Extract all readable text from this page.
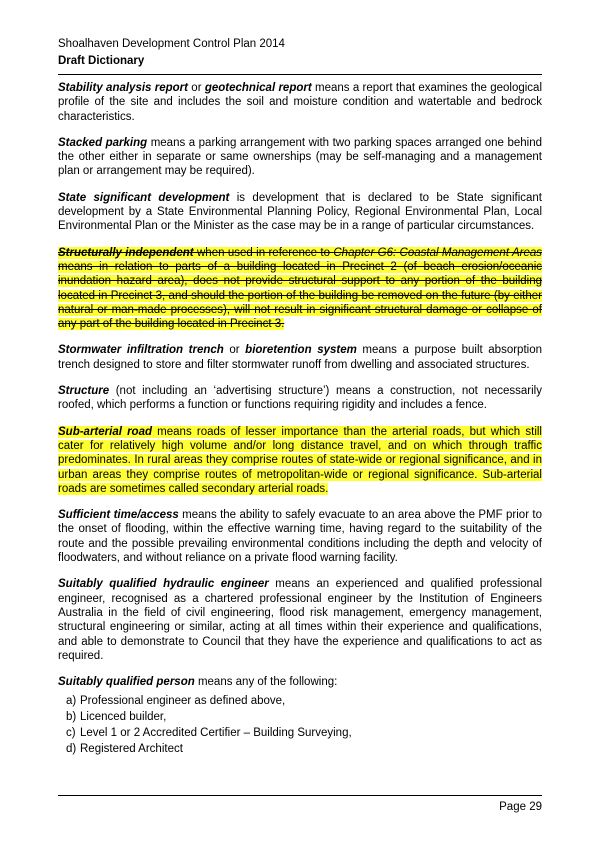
Shoalhaven Development Control Plan 2014
Draft Dictionary

Stability analysis report or geotechnical report means a report that examines the geological profile of the site and includes the soil and moisture condition and watertable and bedrock characteristics.

Stacked parking means a parking arrangement with two parking spaces arranged one behind the other either in separate or same ownerships (may be self-managing and a management plan or arrangement may be required).

State significant development is development that is declared to be State significant development by a State Environmental Planning Policy, Regional Environmental Plan, Local Environmental Plan or the Minister as the case may be in a range of particular circumstances.

Structurally independent when used in reference to Chapter G6: Coastal Management Areas means in relation to parts of a building located in Precinct 2 (of beach erosion/oceanic inundation hazard area), does not provide structural support to any portion of the building located in Precinct 3, and should the portion of the building be removed on the future (by either natural or man-made processes), will not result in significant structural damage or collapse of any part of the building located in Precinct 3.

Stormwater infiltration trench or bioretention system means a purpose built absorption trench designed to store and filter stormwater runoff from dwelling and associated structures.

Structure (not including an ‘advertising structure’) means a construction, not necessarily roofed, which performs a function or functions requiring rigidity and includes a fence.

Sub-arterial road means roads of lesser importance than the arterial roads, but which still cater for relatively high volume and/or long distance travel, and on which through traffic predominates. In rural areas they comprise routes of state-wide or regional significance, and in urban areas they comprise routes of metropolitan-wide or regional significance. Sub-arterial roads are sometimes called secondary arterial roads.

Sufficient time/access means the ability to safely evacuate to an area above the PMF prior to the onset of flooding, within the effective warning time, having regard to the suitability of the route and the possible prevailing environmental conditions including the depth and velocity of floodwaters, and without reliance on a private flood warning facility.

Suitably qualified hydraulic engineer means an experienced and qualified professional engineer, recognised as a chartered professional engineer by the Institution of Engineers Australia in the field of civil engineering, flood risk management, emergency management, structural engineering or similar, acting at all times within their experience and qualifications, and able to demonstrate to Council that they have the experience and qualifications to act as required.

Suitably qualified person means any of the following:

a) Professional engineer as defined above,
b) Licenced builder,
c) Level 1 or 2 Accredited Certifier – Building Surveying,
d) Registered Architect
Page 29
